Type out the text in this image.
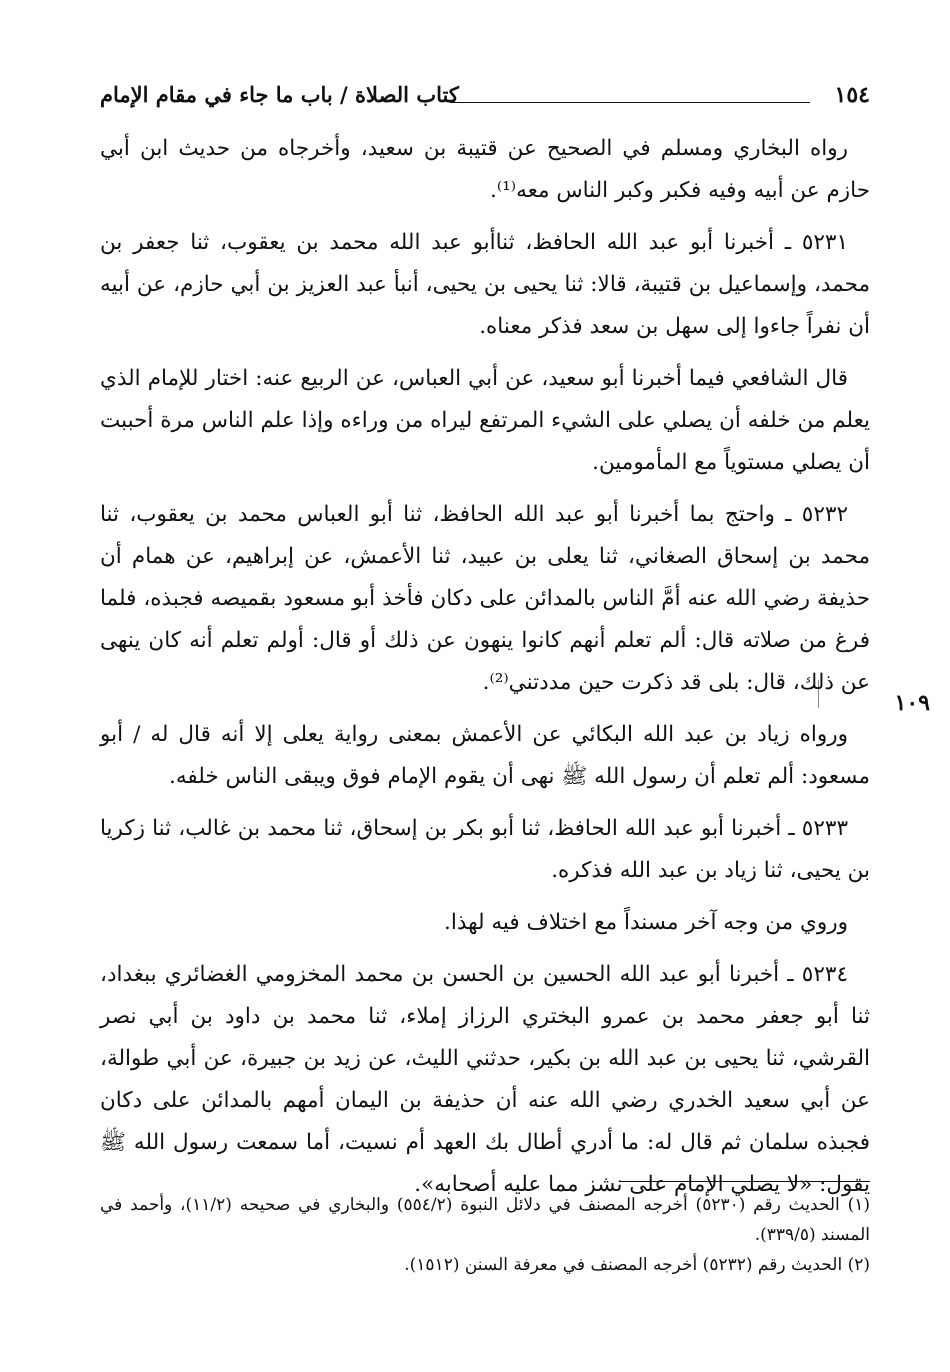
١٥٤
كتاب الصلاة / باب ما جاء في مقام الإمام
١٠٩

رواه البخاري ومسلم في الصحيح عن قتيبة بن سعيد، وأخرجاه من حديث ابن أبي حازم عن أبيه وفيه فكبر وكبر الناس معه⁽¹⁾.

٥٢٣١ ـ أخبرنا أبو عبد الله الحافظ، ثناأبو عبد الله محمد بن يعقوب، ثنا جعفر بن محمد، وإسماعيل بن قتيبة، قالا: ثنا يحيى بن يحيى، أنبأ عبد العزيز بن أبي حازم، عن أبيه أن نفراً جاءوا إلى سهل بن سعد فذكر معناه.

قال الشافعي فيما أخبرنا أبو سعيد، عن أبي العباس، عن الربيع عنه: اختار للإمام الذي يعلم من خلفه أن يصلي على الشيء المرتفع ليراه من وراءه وإذا علم الناس مرة أحببت أن يصلي مستوياً مع المأمومين.

٥٢٣٢ ـ واحتج بما أخبرنا أبو عبد الله الحافظ، ثنا أبو العباس محمد بن يعقوب، ثنا محمد بن إسحاق الصغاني، ثنا يعلى بن عبيد، ثنا الأعمش، عن إبراهيم، عن همام أن حذيفة رضي الله عنه أمَّ الناس بالمدائن على دكان فأخذ أبو مسعود بقميصه فجبذه، فلما فرغ من صلاته قال: ألم تعلم أنهم كانوا ينهون عن ذلك أو قال: أولم تعلم أنه كان ينهى عن ذلك، قال: بلى قد ذكرت حين مددتني⁽²⁾.

ورواه زياد بن عبد الله البكائي عن الأعمش بمعنى رواية يعلى إلا أنه قال له / أبو مسعود: ألم تعلم أن رسول الله ﷺ نهى أن يقوم الإمام فوق ويبقى الناس خلفه.

٥٢٣٣ ـ أخبرنا أبو عبد الله الحافظ، ثنا أبو بكر بن إسحاق، ثنا محمد بن غالب، ثنا زكريا بن يحيى، ثنا زياد بن عبد الله فذكره.

وروي من وجه آخر مسنداً مع اختلاف فيه لهذا.

٥٢٣٤ ـ أخبرنا أبو عبد الله الحسين بن الحسن بن محمد المخزومي الغضائري ببغداد، ثنا أبو جعفر محمد بن عمرو البختري الرزاز إملاء، ثنا محمد بن داود بن أبي نصر القرشي، ثنا يحيى بن عبد الله بن بكير، حدثني الليث، عن زيد بن جبيرة، عن أبي طوالة، عن أبي سعيد الخدري رضي الله عنه أن حذيفة بن اليمان أمهم بالمدائن على دكان فجبذه سلمان ثم قال له: ما أدري أطال بك العهد أم نسيت، أما سمعت رسول الله ﷺ يقول: «لا يصلي الإمام على نشز مما عليه أصحابه».

(١) الحديث رقم (٥٢٣٠) أخرجه المصنف في دلائل النبوة (٥٥٤/٢) والبخاري في صحيحه (١١/٢)، وأحمد في المسند (٣٣٩/٥).

(٢) الحديث رقم (٥٢٣٢) أخرجه المصنف في معرفة السنن (١٥١٢).
